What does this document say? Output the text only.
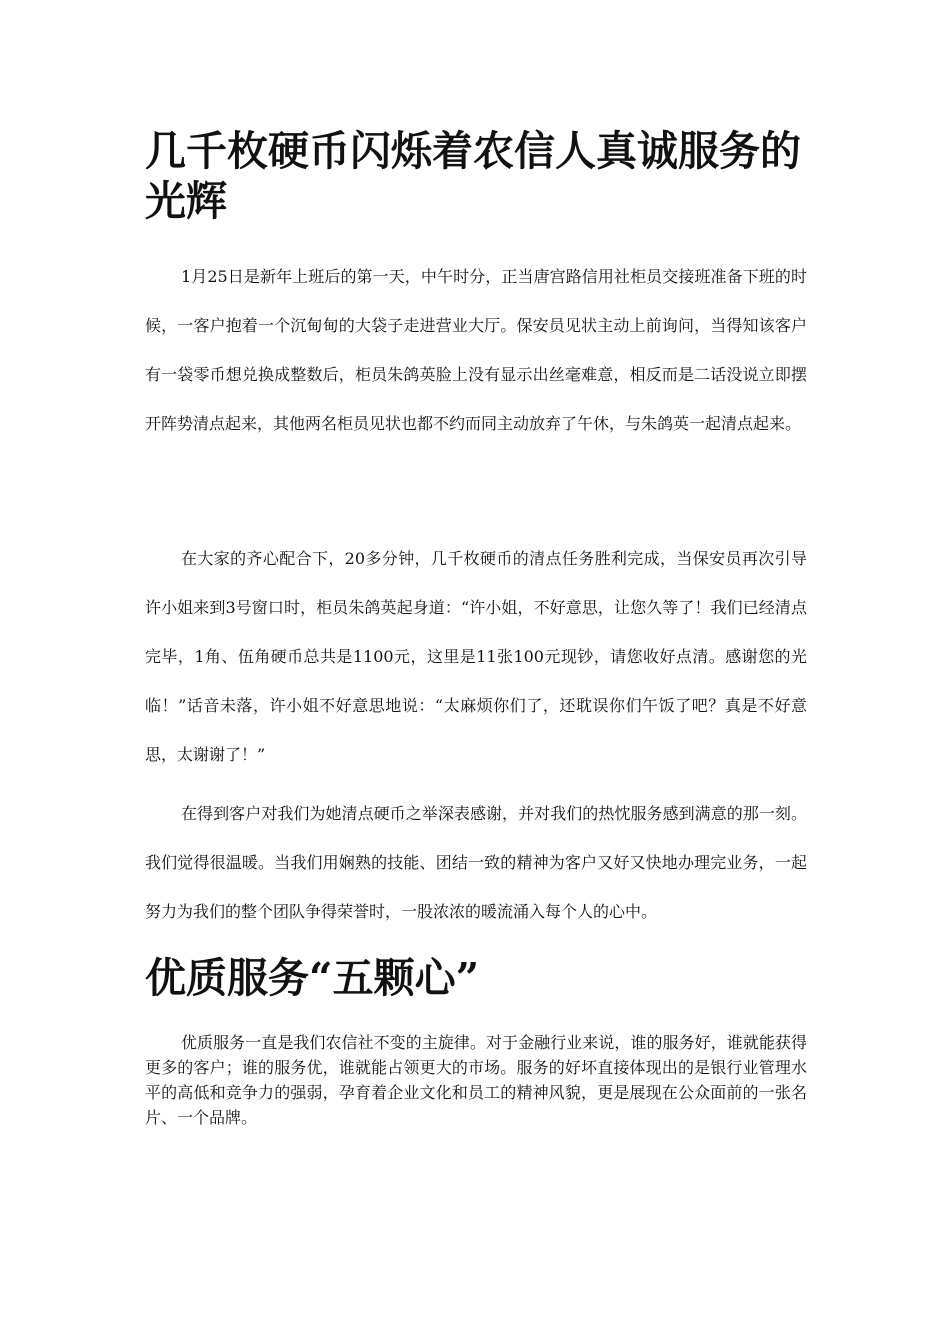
几千枚硬币闪烁着农信人真诚服务的光辉

1月25日是新年上班后的第一天，中午时分，正当唐宫路信用社柜员交接班准备下班的时候，一客户抱着一个沉甸甸的大袋子走进营业大厅。保安员见状主动上前询问，当得知该客户有一袋零币想兑换成整数后，柜员朱鸽英脸上没有显示出丝毫难意，相反而是二话没说立即摆开阵势清点起来，其他两名柜员见状也都不约而同主动放弃了午休，与朱鸽英一起清点起来。

在大家的齐心配合下，20多分钟，几千枚硬币的清点任务胜利完成，当保安员再次引导许小姐来到3号窗口时，柜员朱鸽英起身道：“许小姐，不好意思，让您久等了！我们已经清点完毕，1角、伍角硬币总共是1100元，这里是11张100元现钞，请您收好点清。感谢您的光临！”话音未落，许小姐不好意思地说：“太麻烦你们了，还耽误你们午饭了吧？真是不好意思，太谢谢了！”

在得到客户对我们为她清点硬币之举深表感谢，并对我们的热忱服务感到满意的那一刻。我们觉得很温暖。当我们用娴熟的技能、团结一致的精神为客户又好又快地办理完业务，一起努力为我们的整个团队争得荣誉时，一股浓浓的暖流涌入每个人的心中。

优质服务“五颗心”

优质服务一直是我们农信社不变的主旋律。对于金融行业来说，谁的服务好，谁就能获得更多的客户；谁的服务优，谁就能占领更大的市场。服务的好坏直接体现出的是银行业管理水平的高低和竞争力的强弱，孕育着企业文化和员工的精神风貌，更是展现在公众面前的一张名片、一个品牌。
